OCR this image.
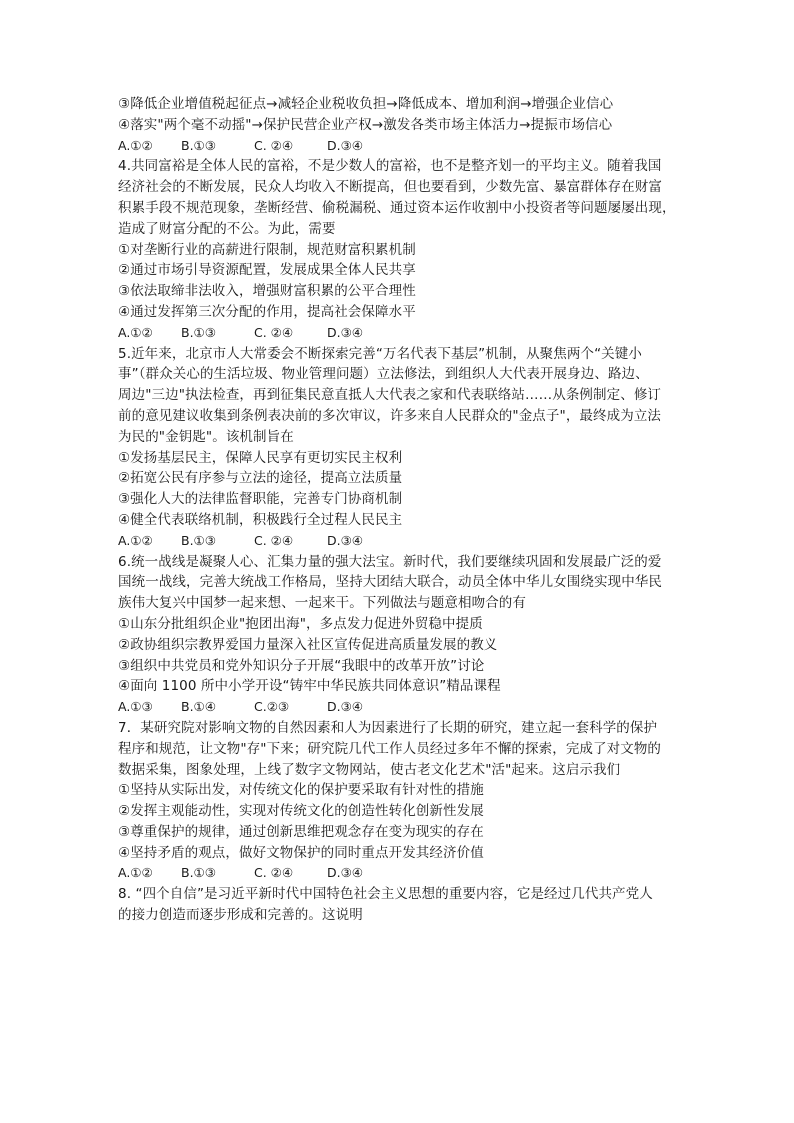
③降低企业增值税起征点→减轻企业税收负担→降低成本、增加利润→增强企业信心
④落实"两个毫不动摇"→保护民营企业产权→激发各类市场主体活力→提振市场信心
A.①②	B.①③	C. ②④	D.③④
4.共同富裕是全体人民的富裕，不是少数人的富裕，也不是整齐划一的平均主义。随着我国
经济社会的不断发展，民众人均收入不断提高，但也要看到，少数先富、暴富群体存在财富
积累手段不规范现象，垄断经营、偷税漏税、通过资本运作收割中小投资者等问题屡屡出现，
造成了财富分配的不公。为此，需要
①对垄断行业的高薪进行限制，规范财富积累机制
②通过市场引导资源配置，发展成果全体人民共享
③依法取缔非法收入，增强财富积累的公平合理性
④通过发挥第三次分配的作用，提高社会保障水平
A.①②	B.①③	C. ②④	D.③④
5.近年来，北京市人大常委会不断探索完善“万名代表下基层”机制，从聚焦两个“关键小
事”（群众关心的生活垃圾、物业管理问题）立法修法，到组织人大代表开展身边、路边、
周边"三边"执法检查，再到征集民意直抵人大代表之家和代表联络站……从条例制定、修订
前的意见建议收集到条例表决前的多次审议，许多来自人民群众的"金点子"，最终成为立法
为民的"金钥匙"。该机制旨在
①发扬基层民主，保障人民享有更切实民主权利
②拓宽公民有序参与立法的途径，提高立法质量
③强化人大的法律监督职能，完善专门协商机制
④健全代表联络机制，积极践行全过程人民民主
A.①②	B.①③	C. ②④	D.③④
6.统一战线是凝聚人心、汇集力量的强大法宝。新时代，我们要继续巩固和发展最广泛的爱
国统一战线，完善大统战工作格局，坚持大团结大联合，动员全体中华儿女围绕实现中华民
族伟大复兴中国梦一起来想、一起来干。下列做法与题意相吻合的有
①山东分批组织企业"抱团出海"，多点发力促进外贸稳中提质
②政协组织宗教界爱国力量深入社区宣传促进高质量发展的教义
③组织中共党员和党外知识分子开展“我眼中的改革开放”讨论
④面向 1100 所中小学开设“铸牢中华民族共同体意识”精品课程
A.①③	B.①④	C.②③	D.③④
7．某研究院对影响文物的自然因素和人为因素进行了长期的研究，建立起一套科学的保护
程序和规范，让文物"存"下来；研究院几代工作人员经过多年不懈的探索，完成了对文物的
数据采集，图象处理，上线了数字文物网站，使古老文化艺术"活"起来。这启示我们
①坚持从实际出发，对传统文化的保护要采取有针对性的措施
②发挥主观能动性，实现对传统文化的创造性转化创新性发展
③尊重保护的规律，通过创新思维把观念存在变为现实的存在
④坚持矛盾的观点，做好文物保护的同时重点开发其经济价值
A.①②	B.①③	C. ②④	D.③④
8. “四个自信”是习近平新时代中国特色社会主义思想的重要内容，它是经过几代共产党人
的接力创造而逐步形成和完善的。这说明
